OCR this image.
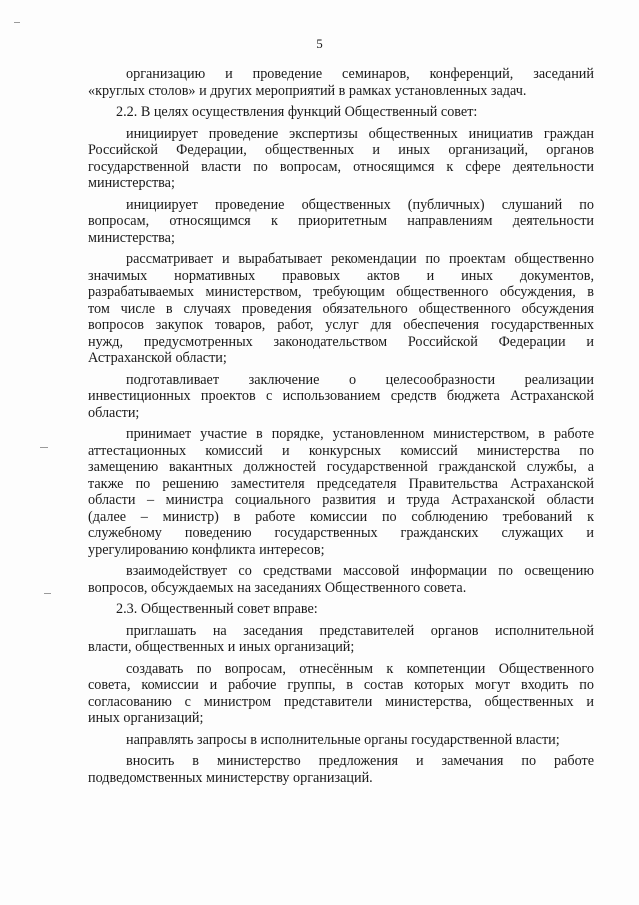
5
организацию и проведение семинаров, конференций, заседаний
«круглых столов» и других мероприятий в рамках установленных задач.
2.2. В целях осуществления функций Общественный совет:
инициирует проведение экспертизы общественных инициатив граждан
Российской Федерации, общественных и иных организаций, органов
государственной власти по вопросам, относящимся к сфере деятельности
министерства;
инициирует проведение общественных (публичных) слушаний по
вопросам, относящимся к приоритетным направлениям деятельности
министерства;
рассматривает и вырабатывает рекомендации по проектам общественно
значимых нормативных правовых актов и иных документов,
разрабатываемых министерством, требующим общественного обсуждения, в
том числе в случаях проведения обязательного общественного обсуждения
вопросов закупок товаров, работ, услуг для обеспечения государственных
нужд, предусмотренных законодательством Российской Федерации и
Астраханской области;
подготавливает заключение о целесообразности реализации
инвестиционных проектов с использованием средств бюджета Астраханской
области;
принимает участие в порядке, установленном министерством, в работе
аттестационных комиссий и конкурсных комиссий министерства по
замещению вакантных должностей государственной гражданской службы, а
также по решению заместителя председателя Правительства Астраханской
области – министра социального развития и труда Астраханской области
(далее – министр) в работе комиссии по соблюдению требований к
служебному поведению государственных гражданских служащих и
урегулированию конфликта интересов;
взаимодействует со средствами массовой информации по освещению
вопросов, обсуждаемых на заседаниях Общественного совета.
2.3. Общественный совет вправе:
приглашать на заседания представителей органов исполнительной
власти, общественных и иных организаций;
создавать по вопросам, отнесённым к компетенции Общественного
совета, комиссии и рабочие группы, в состав которых могут входить по
согласованию с министром представители министерства, общественных и
иных организаций;
направлять запросы в исполнительные органы государственной власти;
вносить в министерство предложения и замечания по работе
подведомственных министерству организаций.
